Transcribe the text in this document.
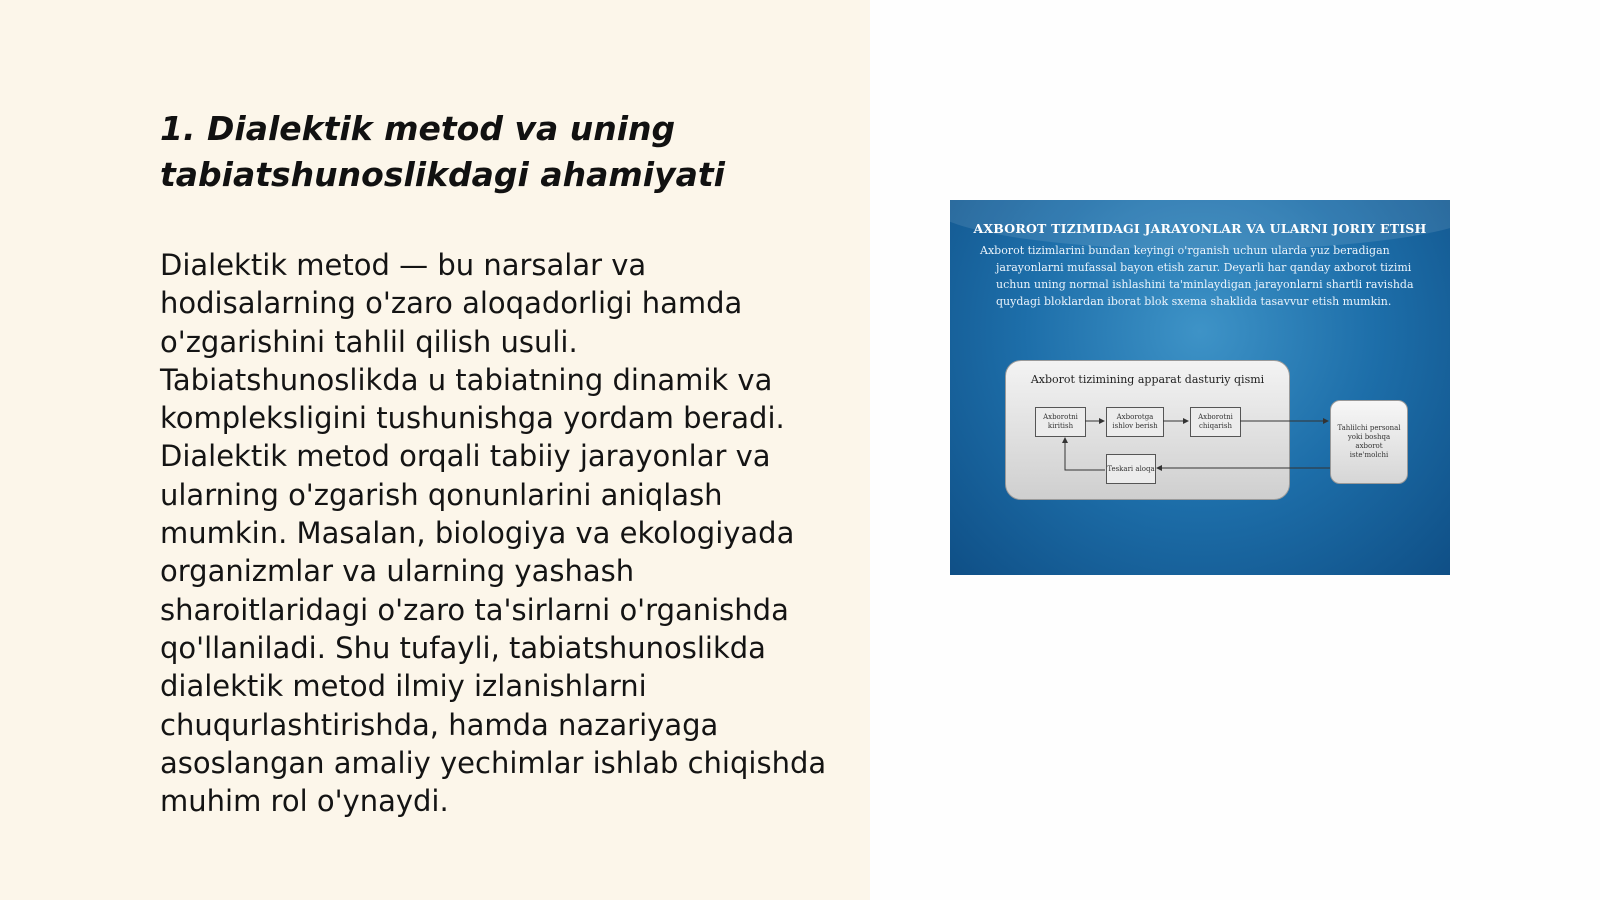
1. Dialektik metod va uning tabiatshunoslikdagi ahamiyati

Dialektik metod — bu narsalar va hodisalarning o'zaro aloqadorligi hamda o'zgarishini tahlil qilish usuli. Tabiatshunoslikda u tabiatning dinamik va kompleksligini tushunishga yordam beradi. Dialektik metod orqali tabiiy jarayonlar va ularning o'zgarish qonunlarini aniqlash mumkin. Masalan, biologiya va ekologiyada organizmlar va ularning yashash sharoitlaridagi o'zaro ta'sirlarni o'rganishda qo'llaniladi. Shu tufayli, tabiatshunoslikda dialektik metod ilmiy izlanishlarni chuqurlashtirishda, hamda nazariyaga asoslangan amaliy yechimlar ishlab chiqishda muhim rol o'ynaydi.

AXBOROT TIZIMIDAGI JARAYONLAR VA ULARNI JORIY ETISH
Axborot tizimlarini bundan keyingi o'rganish uchun ularda yuz beradigan jarayonlarni mufassal bayon etish zarur. Deyarli har qanday axborot tizimi uchun uning normal ishlashini ta'minlaydigan jarayonlarni shartli ravishda quydagi bloklardan iborat blok sxema shaklida tasavvur etish mumkin.
Axborot tizimining apparat dasturiy qismi
Axborotni kiritish
Axborotga ishlov berish
Axborotni chiqarish
Teskari aloqa
Tahlilchi personal yoki boshqa axborot iste'molchi
